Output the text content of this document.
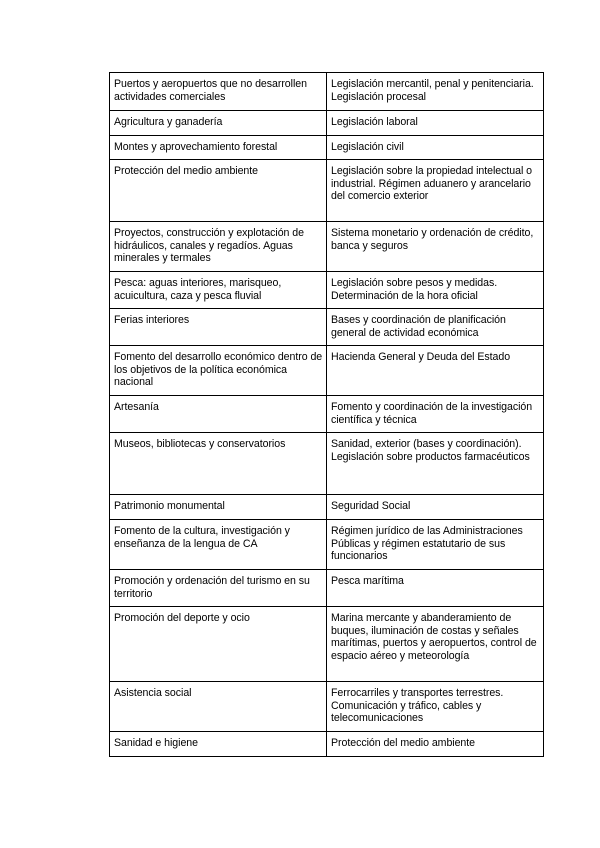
Puertos y aeropuertos que no desarrollen actividades comerciales	Legislación mercantil, penal y penitenciaria. Legislación procesal

Agricultura y ganadería	Legislación laboral

Montes y aprovechamiento forestal	Legislación civil

Protección del medio ambiente	Legislación sobre la propiedad intelectual o industrial. Régimen aduanero y arancelario del comercio exterior

Proyectos, construcción y explotación de hidráulicos, canales y regadíos. Aguas minerales y termales	Sistema monetario y ordenación de crédito, banca y seguros

Pesca: aguas interiores, marisqueo, acuicultura, caza y pesca fluvial	Legislación sobre pesos y medidas. Determinación de la hora oficial

Ferias interiores	Bases y coordinación de planificación general de actividad económica

Fomento del desarrollo económico dentro de los objetivos de la política económica nacional	Hacienda General y Deuda del Estado

Artesanía	Fomento y coordinación de la investigación científica y técnica

Museos, bibliotecas y conservatorios	Sanidad, exterior (bases y coordinación).
Legislación sobre productos farmacéuticos

Patrimonio monumental	Seguridad Social

Fomento de la cultura, investigación y enseñanza de la lengua de CA	Régimen jurídico de las Administraciones Públicas y régimen estatutario de sus funcionarios

Promoción y ordenación del turismo en su territorio	Pesca marítima

Promoción del deporte y ocio	Marina mercante y abanderamiento de buques, iluminación de costas y señales marítimas, puertos y aeropuertos, control de espacio aéreo y meteorología

Asistencia social	Ferrocarriles y transportes terrestres. Comunicación y tráfico, cables y telecomunicaciones

Sanidad e higiene	Protección del medio ambiente
